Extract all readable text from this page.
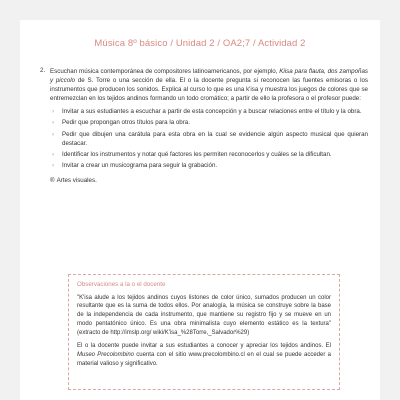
Música 8º básico / Unidad 2 / OA2;7 / Actividad 2
2. Escuchan música contemporánea de compositores latinoamericanos, por ejemplo, Kiisa para flauta, dos zampoñas y piccolo de S. Torre o una sección de ella. El o la docente pregunta si reconocen las fuentes emisoras o los instrumentos que producen los sonidos. Explica al curso lo que es una k'isa y muestra los juegos de colores que se entremezclan en los tejidos andinos formando un todo cromático; a partir de ello la profesora o el profesor puede:

› Invitar a sus estudiantes a escuchar a partir de esta concepción y a buscar relaciones entre el título y la obra.
› Pedir que propongan otros títulos para la obra.
› Pedir que dibujen una carátula para esta obra en la cual se evidencie algún aspecto musical que quieran destacar.
› Identificar los instrumentos y notar qué factores les permiten reconocerlos y cuáles se la dificultan.
› Invitar a crear un musicograma para seguir la grabación.
® Artes visuales.
Observaciones a la o el docente

"K'isa alude a los tejidos andinos cuyos listones de color único, sumados producen un color resultante que es la suma de todos ellos. Por analogía, la música se construye sobre la base de la independencia de cada instrumento, que mantiene su registro fijo y se mueve en un modo pentatónico único. Es una obra minimalista cuyo elemento estático es la textura" (extracto de http://imslp.org/ wiki/K'isa_%28Torre,_Salvador%29)

El o la docente puede invitar a sus estudiantes a conocer y apreciar los tejidos andinos. El Museo Precolombino cuenta con el sitio www.precolombino.cl en el cual se puede acceder a material valioso y significativo.
